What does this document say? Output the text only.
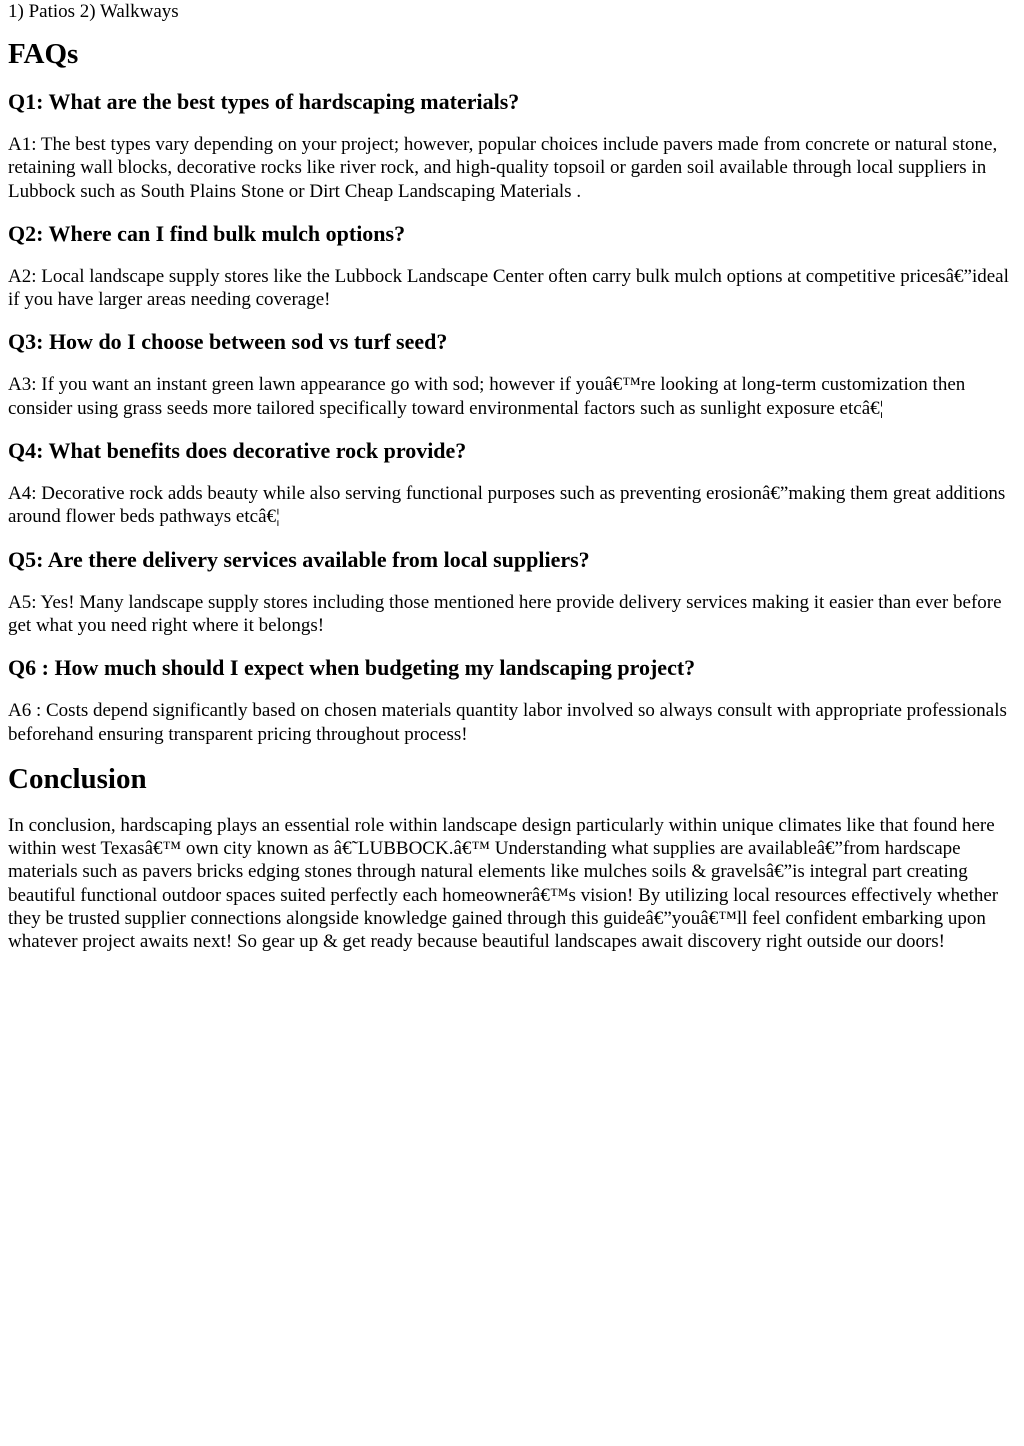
1) Patios 2) Walkways

FAQs
Q1: What are the best types of hardscaping materials?

A1: The best types vary depending on your project; however, popular choices include pavers made from concrete or natural stone, retaining wall blocks, decorative rocks like river rock, and high-quality topsoil or garden soil available through local suppliers in Lubbock such as South Plains Stone or Dirt Cheap Landscaping Materials .

Q2: Where can I find bulk mulch options?

A2: Local landscape supply stores like the Lubbock Landscape Center often carry bulk mulch options at competitive pricesâ€”ideal if you have larger areas needing coverage!

Q3: How do I choose between sod vs turf seed?

A3: If you want an instant green lawn appearance go with sod; however if youâ€™re looking at long-term customization then consider using grass seeds more tailored specifically toward environmental factors such as sunlight exposure etcâ€¦

Q4: What benefits does decorative rock provide?

A4: Decorative rock adds beauty while also serving functional purposes such as preventing erosionâ€”making them great additions around flower beds pathways etcâ€¦

Q5: Are there delivery services available from local suppliers?

A5: Yes! Many landscape supply stores including those mentioned here provide delivery services making it easier than ever before get what you need right where it belongs!

Q6 : How much should I expect when budgeting my landscaping project?

A6 : Costs depend significantly based on chosen materials quantity labor involved so always consult with appropriate professionals beforehand ensuring transparent pricing throughout process!

Conclusion

In conclusion, hardscaping plays an essential role within landscape design particularly within unique climates like that found here within west Texasâ€™ own city known as â€˜LUBBOCK.â€™ Understanding what supplies are availableâ€”from hardscape materials such as pavers bricks edging stones through natural elements like mulches soils & gravelsâ€”is integral part creating beautiful functional outdoor spaces suited perfectly each homeownerâ€™s vision! By utilizing local resources effectively whether they be trusted supplier connections alongside knowledge gained through this guideâ€”youâ€™ll feel confident embarking upon whatever project awaits next! So gear up & get ready because beautiful landscapes await discovery right outside our doors!
